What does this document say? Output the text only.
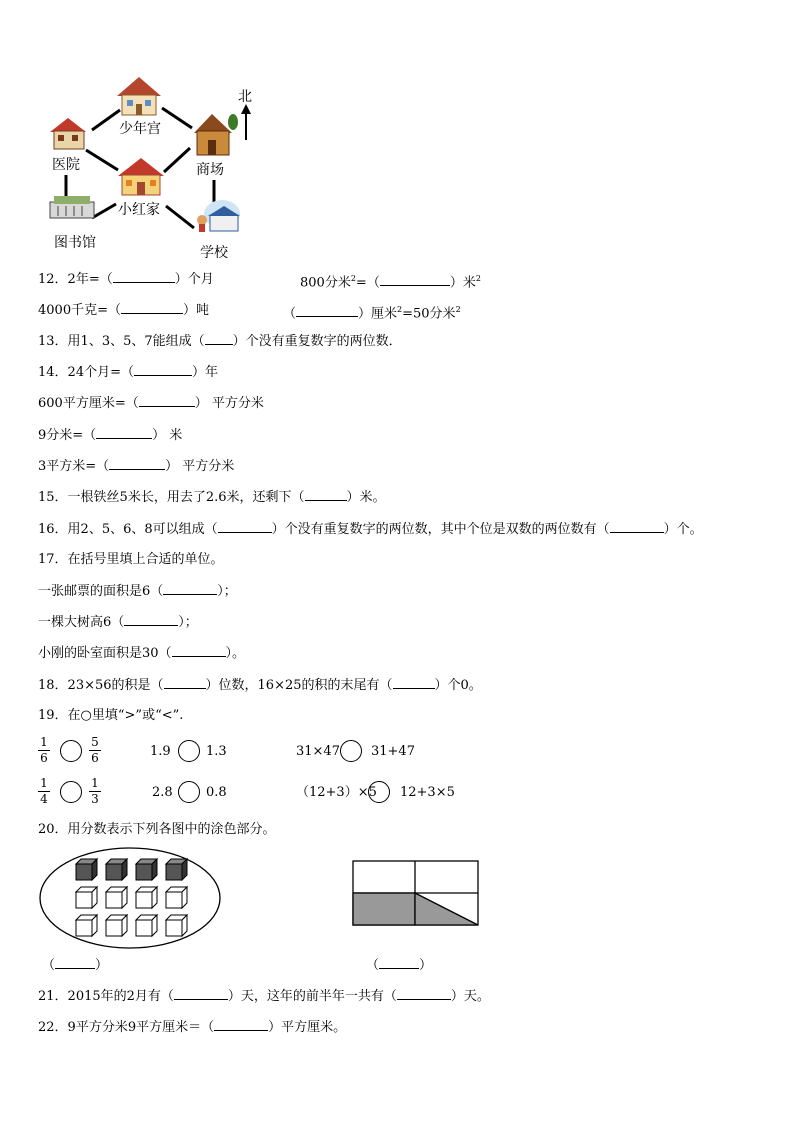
北
少年宫
医院	商场
小红家
图书馆
学校
12．2年=（	）个月	800分米$^2$=（	）米$^2$
4000千克=（	）吨	（	）厘米$^2$=50分米$^2$
13．用1、3、5、7能组成（ ）个没有重复数字的两位数．
14．24个月=（	）年
600平方厘米=（	） 平方分米
9分米=（	） 米
3平方米=（	） 平方分米
15．一根铁丝5米长，用去了2.6米，还剩下（	）米。
16．用2、5、6、8可以组成（	）个没有重复数字的两位数，其中个位是双数的两位数有（	）个。
17．在括号里填上合适的单位。
一张邮票的面积是6（	）；
一棵大树高6（	）；
小刚的卧室面积是30（	）。
18．23×56的积是（	）位数，16×25的积的末尾有（	）个0。
19．在○里填“>”或“<”.
$\frac{1}{6}$	$\frac{5}{6}$	1.9	1.3	31×47 31+47
$\frac{1}{4}$	$\frac{1}{3}$	2.8	0.8	（12+3）×5 12+3×5
20．用分数表示下列各图中的涂色部分。
（	）	（	）
21．2015年的2月有（	）天，这年的前半年一共有（	）天。
22．9平方分米9平方厘米＝（	）平方厘米。
